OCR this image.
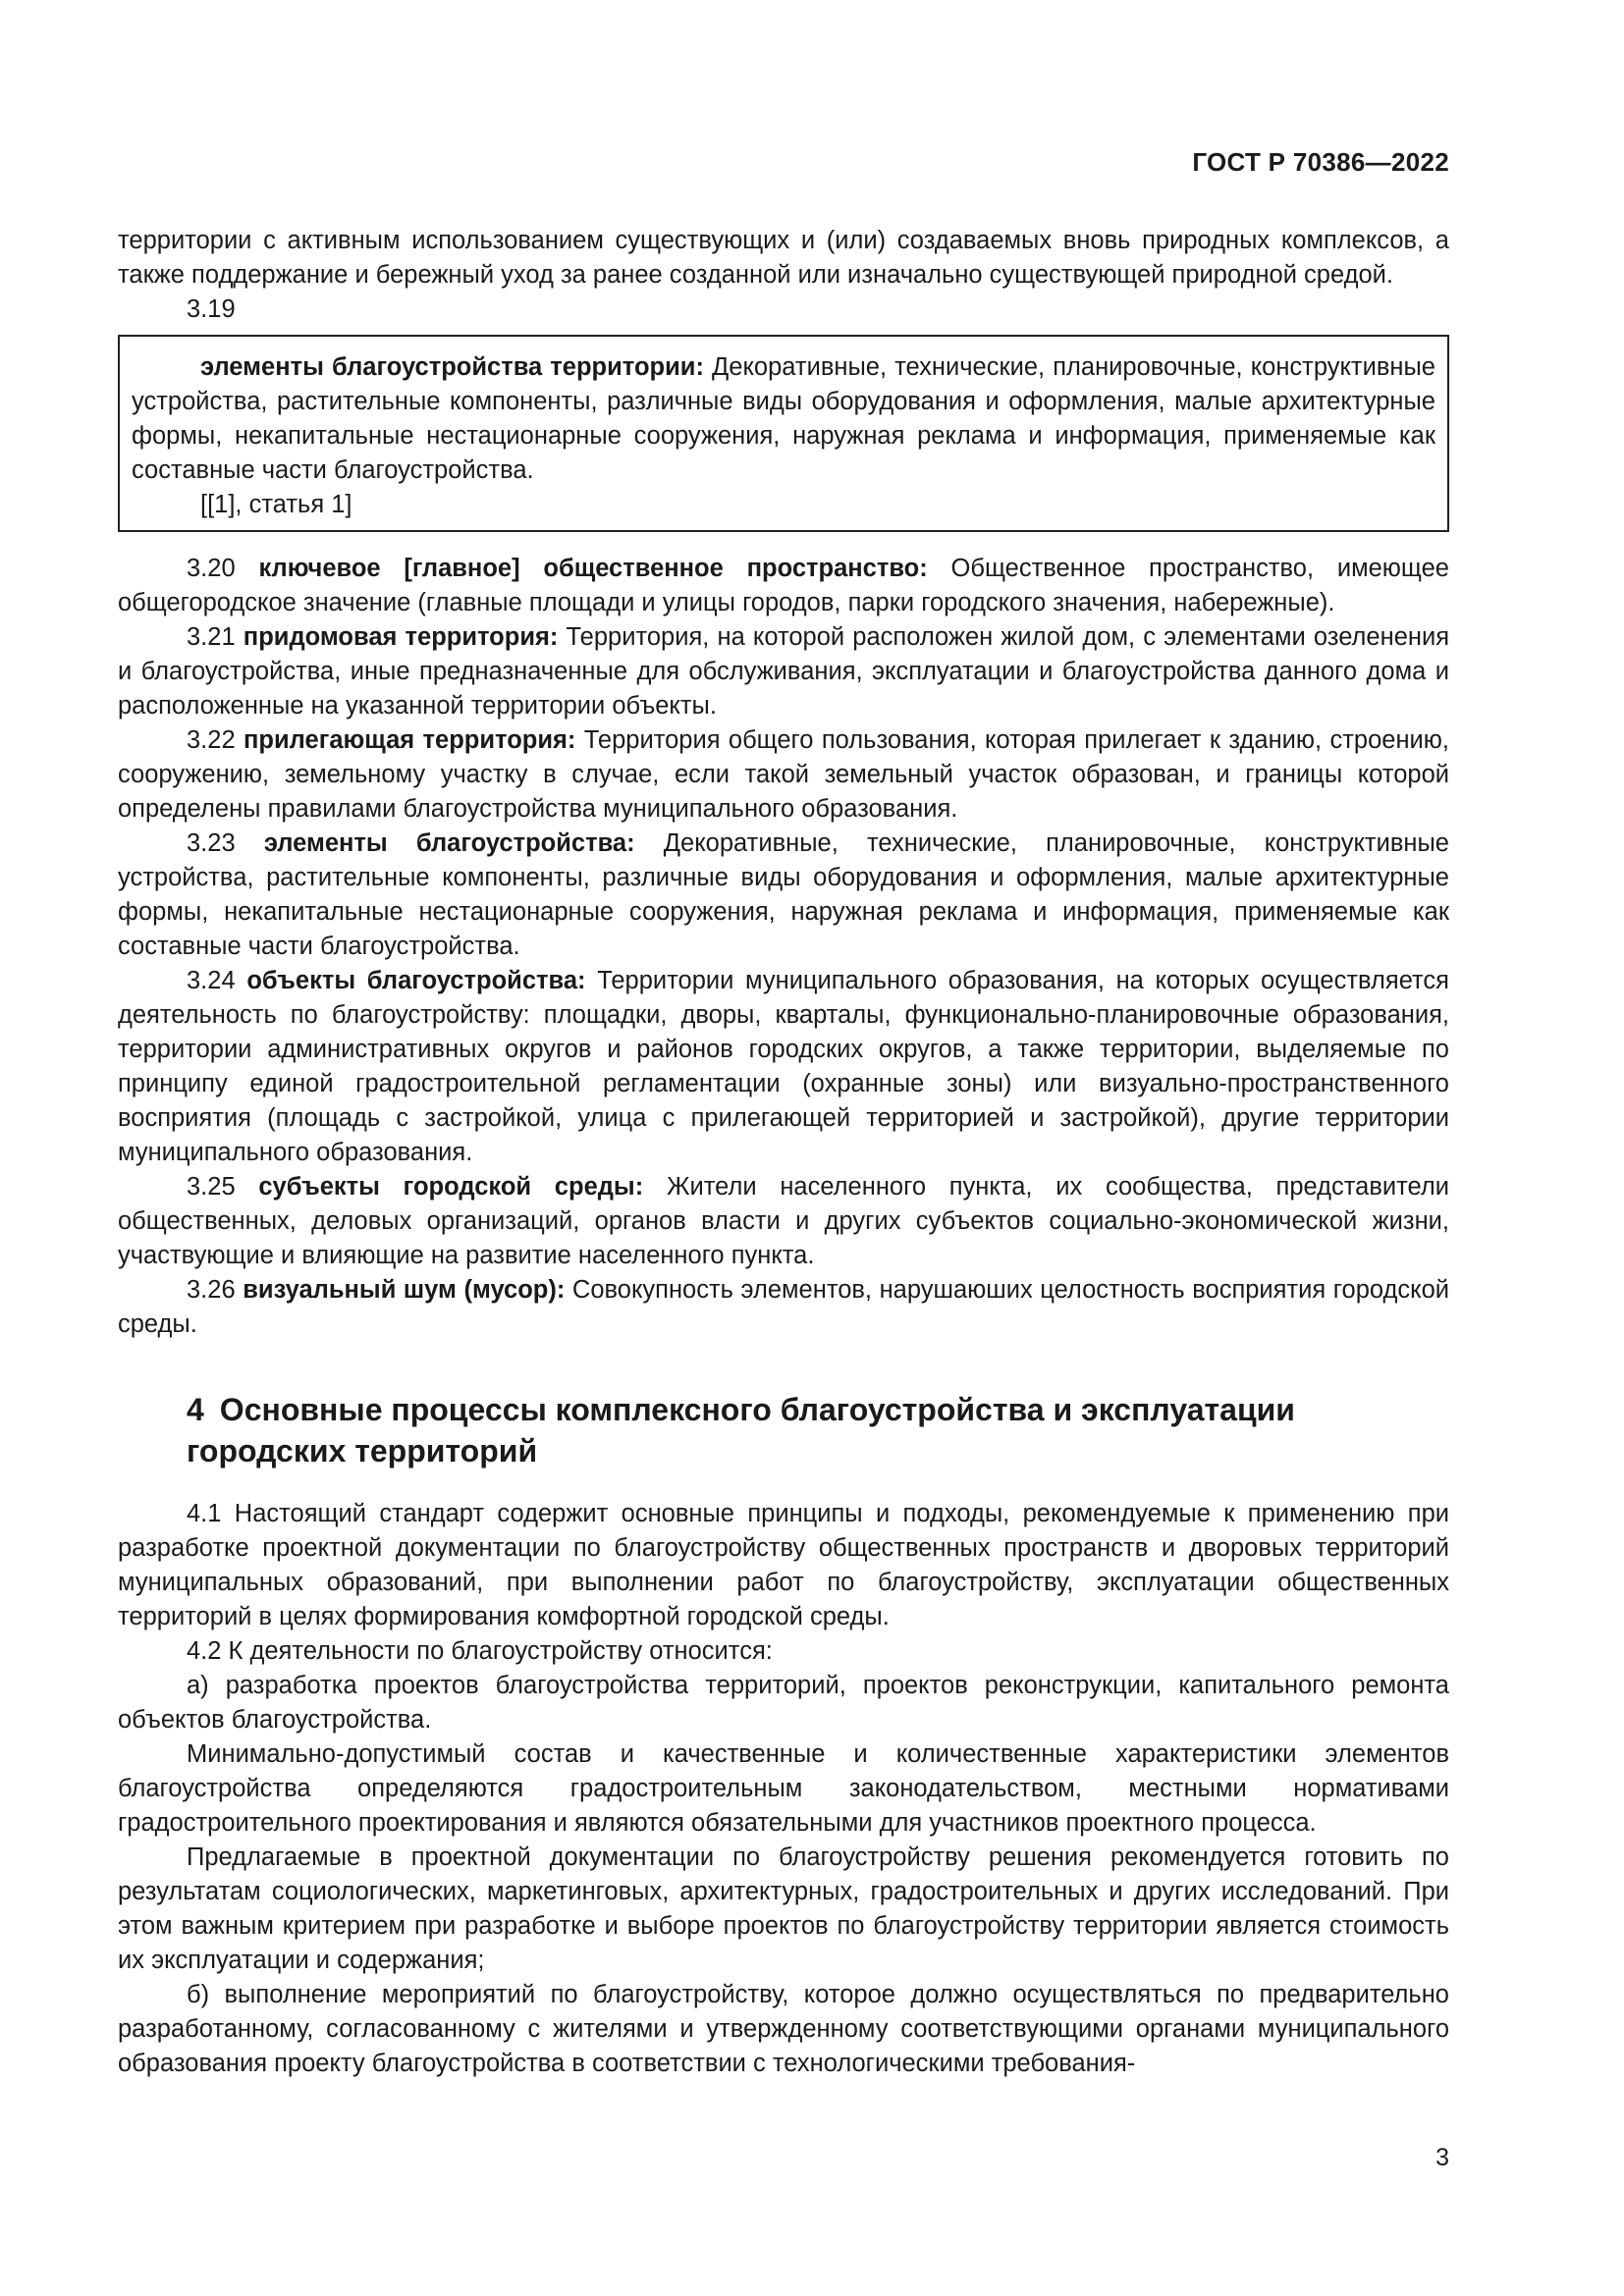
ГОСТ Р 70386—2022

территории с активным использованием существующих и (или) создаваемых вновь природных комплексов, а также поддержание и бережный уход за ранее созданной или изначально существующей природной средой.

3.19

элементы благоустройства территории: Декоративные, технические, планировочные, конструктивные устройства, растительные компоненты, различные виды оборудования и оформления, малые архитектурные формы, некапитальные нестационарные сооружения, наружная реклама и информация, применяемые как составные части благоустройства.

[[1], статья 1]

3.20 ключевое [главное] общественное пространство: Общественное пространство, имеющее общегородское значение (главные площади и улицы городов, парки городского значения, набережные).

3.21 придомовая территория: Территория, на которой расположен жилой дом, с элементами озеленения и благоустройства, иные предназначенные для обслуживания, эксплуатации и благоустройства данного дома и расположенные на указанной территории объекты.

3.22 прилегающая территория: Территория общего пользования, которая прилегает к зданию, строению, сооружению, земельному участку в случае, если такой земельный участок образован, и границы которой определены правилами благоустройства муниципального образования.

3.23 элементы благоустройства: Декоративные, технические, планировочные, конструктивные устройства, растительные компоненты, различные виды оборудования и оформления, малые архитектурные формы, некапитальные нестационарные сооружения, наружная реклама и информация, применяемые как составные части благоустройства.

3.24 объекты благоустройства: Территории муниципального образования, на которых осуществляется деятельность по благоустройству: площадки, дворы, кварталы, функционально-планировочные образования, территории административных округов и районов городских округов, а также территории, выделяемые по принципу единой градостроительной регламентации (охранные зоны) или визуально-пространственного восприятия (площадь с застройкой, улица с прилегающей территорией и застройкой), другие территории муниципального образования.

3.25 субъекты городской среды: Жители населенного пункта, их сообщества, представители общественных, деловых организаций, органов власти и других субъектов социально-экономической жизни, участвующие и влияющие на развитие населенного пункта.

3.26 визуальный шум (мусор): Совокупность элементов, нарушаюших целостность восприятия городской среды.

4 Основные процессы комплексного благоустройства и эксплуатации городских территорий

4.1 Настоящий стандарт содержит основные принципы и подходы, рекомендуемые к применению при разработке проектной документации по благоустройству общественных пространств и дворовых территорий муниципальных образований, при выполнении работ по благоустройству, эксплуатации общественных территорий в целях формирования комфортной городской среды.

4.2 К деятельности по благоустройству относится:

а) разработка проектов благоустройства территорий, проектов реконструкции, капитального ремонта объектов благоустройства.

Минимально-допустимый состав и качественные и количественные характеристики элементов благоустройства определяются градостроительным законодательством, местными нормативами градостроительного проектирования и являются обязательными для участников проектного процесса.

Предлагаемые в проектной документации по благоустройству решения рекомендуется готовить по результатам социологических, маркетинговых, архитектурных, градостроительных и других исследований. При этом важным критерием при разработке и выборе проектов по благоустройству территории является стоимость их эксплуатации и содержания;

б) выполнение мероприятий по благоустройству, которое должно осуществляться по предварительно разработанному, согласованному с жителями и утвержденному соответствующими органами муниципального образования проекту благоустройства в соответствии с технологическими требования-

3
